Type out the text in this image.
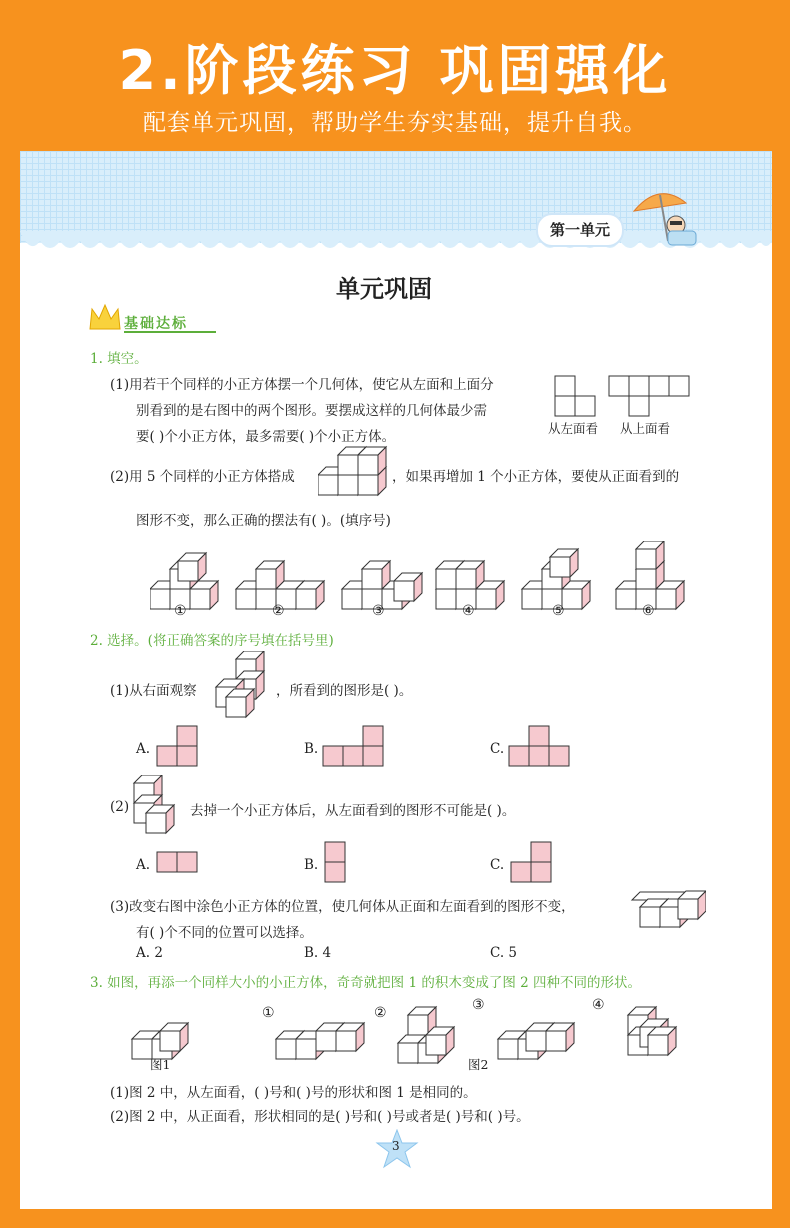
2.阶段练习 巩固强化
配套单元巩固，帮助学生夯实基础，提升自我。
第一单元
单元巩固
基础达标
1. 填空。
(1)用若干个同样的小正方体摆一个几何体，使它从左面和上面分
别看到的是右图中的两个图形。要摆成这样的几何体最少需
要( )个小正方体，最多需要( )个小正方体。
从左面看 从上面看
(2)用 5 个同样的小正方体搭成	，如果再增加 1 个小正方体，要使从正面看到的
图形不变，那么正确的摆法有( )。(填序号)
①	②	③	④	⑤	⑥
2. 选择。(将正确答案的序号填在括号里)
(1)从右面观察	，所看到的图形是( )。
A.	B.	C.
(2)	去掉一个小正方体后，从左面看到的图形不可能是( )。
A.	B.	C.
(3)改变右图中涂色小正方体的位置，使几何体从正面和左面看到的图形不变，
有( )个不同的位置可以选择。
A. 2	B. 4	C. 5
3. 如图，再添一个同样大小的小正方体，奇奇就把图 1 的积木变成了图 2 四种不同的形状。
①	②	③	④
图1	图2
(1)图 2 中，从左面看，( )号和( )号的形状和图 1 是相同的。
(2)图 2 中，从正面看，形状相同的是( )号和( )号或者是( )号和( )号。
3
